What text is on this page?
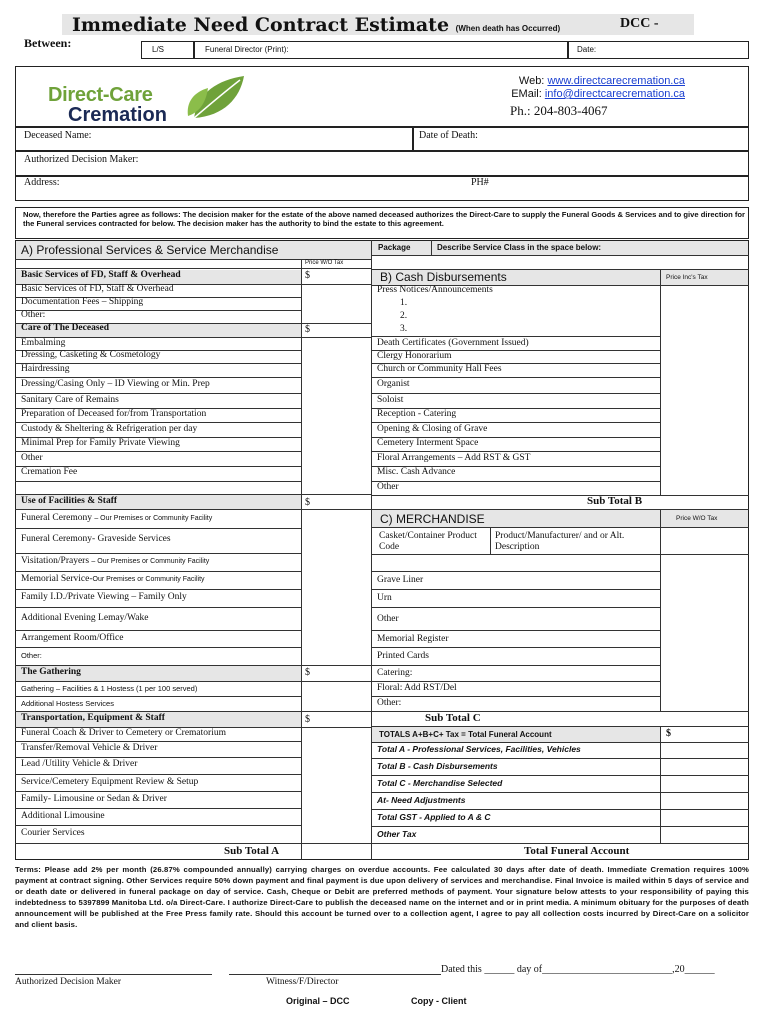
Immediate Need Contract Estimate (When death has Occurred)	DCC -
Between:	L/S	Funeral Director (Print):	Date:
Direct-Care
Cremation
Web: www.directcarecremation.ca
EMail: info@directcarecremation.ca
Ph.: 204-803-4067
Deceased Name:	Date of Death:
Authorized Decision Maker:
Address:	PH#
Now, therefore the Parties agree as follows: The decision maker for the estate of the above named deceased authorizes the Direct-Care to supply the Funeral Goods & Services and to give direction for the Funeral services contracted for below. The decision maker has the authority to bind the estate to this agreement.
A) Professional Services & Service Merchandise	Package	Describe Service Class in the space below:
Price W/O Tax
B) Cash Disbursements	Price Inc's Tax
Basic Services of FD, Staff & Overhead	$
Basic Services of FD, Staff & Overhead
Documentation Fees – Shipping
Other:
Care of The Deceased	$
Embalming
Dressing, Casketing & Cosmetology
Hairdressing
Dressing/Casing Only – ID Viewing or Min. Prep
Sanitary Care of Remains
Preparation of Deceased for/from Transportation
Custody & Sheltering & Refrigeration per day
Minimal Prep for Family Private Viewing
Other
Cremation Fee
Use of Facilities & Staff	$
Funeral Ceremony – Our Premises or Community Facility
Funeral Ceremony- Graveside Services
Visitation/Prayers – Our Premises or Community Facility
Memorial Service-Our Premises or Community Facility
Family I.D./Private Viewing – Family Only
Additional Evening Lemay/Wake
Arrangement Room/Office
Other:
The Gathering	$
Gathering – Facilities & 1 Hostess (1 per 100 served)
Additional Hostess Services
Transportation, Equipment & Staff	$
Funeral Coach & Driver to Cemetery or Crematorium
Transfer/Removal Vehicle & Driver
Lead /Utility Vehicle & Driver
Service/Cemetery Equipment Review & Setup
Family- Limousine or Sedan & Driver
Additional Limousine
Courier Services
Sub Total A
Press Notices/Announcements
1.
2.
3.
Death Certificates (Government Issued)
Clergy Honorarium
Church or Community Hall Fees
Organist
Soloist
Reception - Catering
Opening & Closing of Grave
Cemetery Interment Space
Floral Arrangements – Add RST & GST
Misc. Cash Advance
Other
Sub Total B
C) MERCHANDISE	Price W/O Tax
Casket/Container Product Code
Product/Manufacturer/ and or Alt. Description
Grave Liner
Urn
Other
Memorial Register
Printed Cards
Catering:
Floral: Add RST/Del
Other:
Sub Total C
TOTALS A+B+C+ Tax = Total Funeral Account	$
Total A - Professional Services, Facilities, Vehicles
Total B - Cash Disbursements
Total C - Merchandise Selected
At- Need Adjustments
Total GST - Applied to A & C
Other Tax
Total Funeral Account
Terms: Please add 2% per month (26.87% compounded annually) carrying charges on overdue accounts. Fee calculated 30 days after date of death. Immediate Cremation requires 100% payment at contract signing. Other Services require 50% down payment and final payment is due upon delivery of services and merchandise. Final Invoice is mailed within 5 days of service and or death date or delivered in funeral package on day of service. Cash, Cheque or Debit are preferred methods of payment. Your signature below attests to your responsibility of paying this indebtedness to 5397899 Manitoba Ltd. o/a Direct-Care. I authorize Direct-Care to publish the deceased name on the internet and or in print media. A minimum obituary for the purposes of death announcement will be published at the Free Press family rate. Should this account be turned over to a collection agent, I agree to pay all collection costs incurred by Direct-Care on a solicitor and client basis.
Dated this ______ day of__________________________,20______
Authorized Decision Maker	Witness/F/Director
Original – DCC	Copy - Client
